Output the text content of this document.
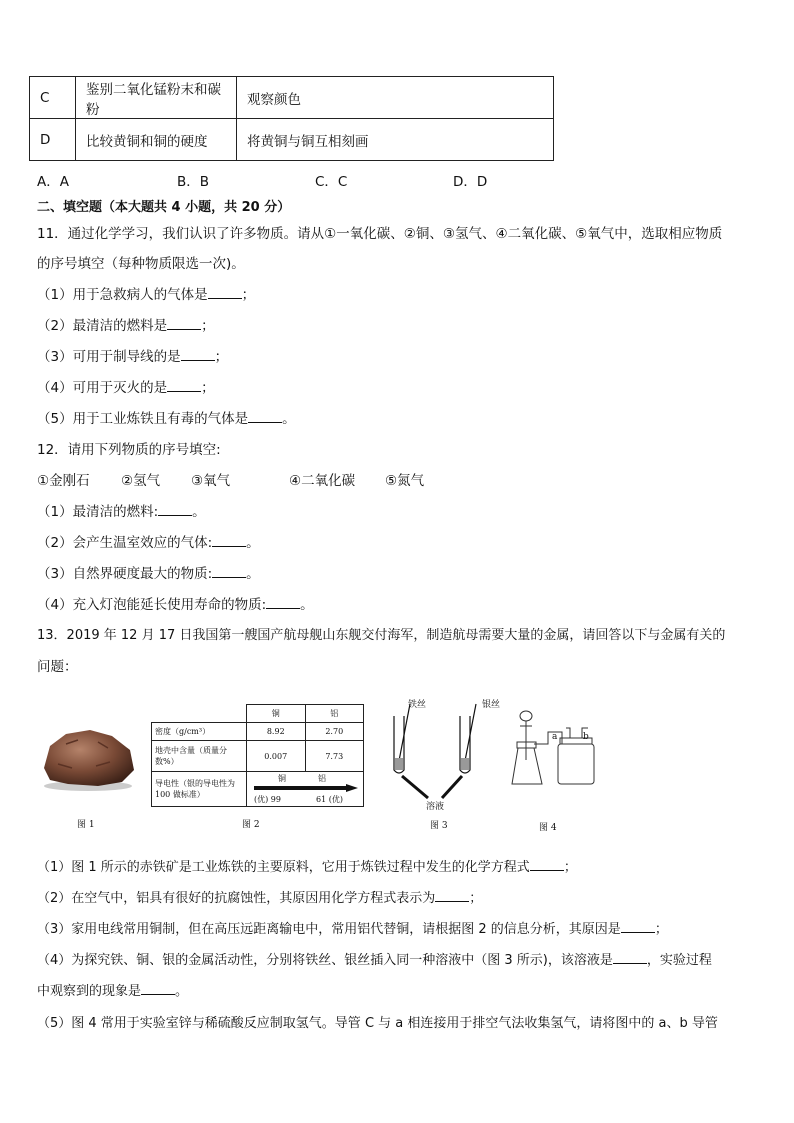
C	鉴别二氧化锰粉末和碳粉	观察颜色
D	比较黄铜和铜的硬度	将黄铜与铜互相刻画
A．A	B．B	C．C	D．D
二、填空题（本大题共 4 小题，共 20 分）
11．通过化学学习，我们认识了许多物质。请从①一氧化碳、②铜、③氢气、④二氧化碳、⑤氧气中，选取相应物质
的序号填空（每种物质限选一次)。
（1）用于急救病人的气体是	；
（2）最清洁的燃料是	；
（3）可用于制导线的是	；
（4）可用于灭火的是	；
（5）用于工业炼铁且有毒的气体是	。
12．请用下列物质的序号填空:
①金刚石 ②氢气 ③氧气	④二氧化碳 ⑤氮气
（1）最清洁的燃料:	。
（2）会产生温室效应的气体:	。
（3）自然界硬度最大的物质:	。
（4）充入灯泡能延长使用寿命的物质:	。
13．2019 年 12 月 17 日我国第一艘国产航母舰山东舰交付海军，制造航母需要大量的金属，请回答以下与金属有关的
问题：
图 1
	铜	铝
密度（g/cm³）	8.92	2.70
地壳中含量（质量分数%）	0.007	7.73
导电性（银的导电性为 100 做标准）	铜 铝
(优) 99 61 (优)	
图 2
铁丝	银丝
溶液
图 3
a	b
图 4
（1）图 1 所示的赤铁矿是工业炼铁的主要原料，它用于炼铁过程中发生的化学方程式	；
（2）在空气中，铝具有很好的抗腐蚀性，其原因用化学方程式表示为	；
（3）家用电线常用铜制，但在高压远距离输电中，常用铝代替铜，请根据图 2 的信息分析，其原因是	；
（4）为探究铁、铜、银的金属活动性，分别将铁丝、银丝插入同一种溶液中（图 3 所示)，该溶液是	，实验过程
中观察到的现象是	。
（5）图 4 常用于实验室锌与稀硫酸反应制取氢气。导管 C 与 a 相连接用于排空气法收集氢气，请将图中的 a、b 导管
